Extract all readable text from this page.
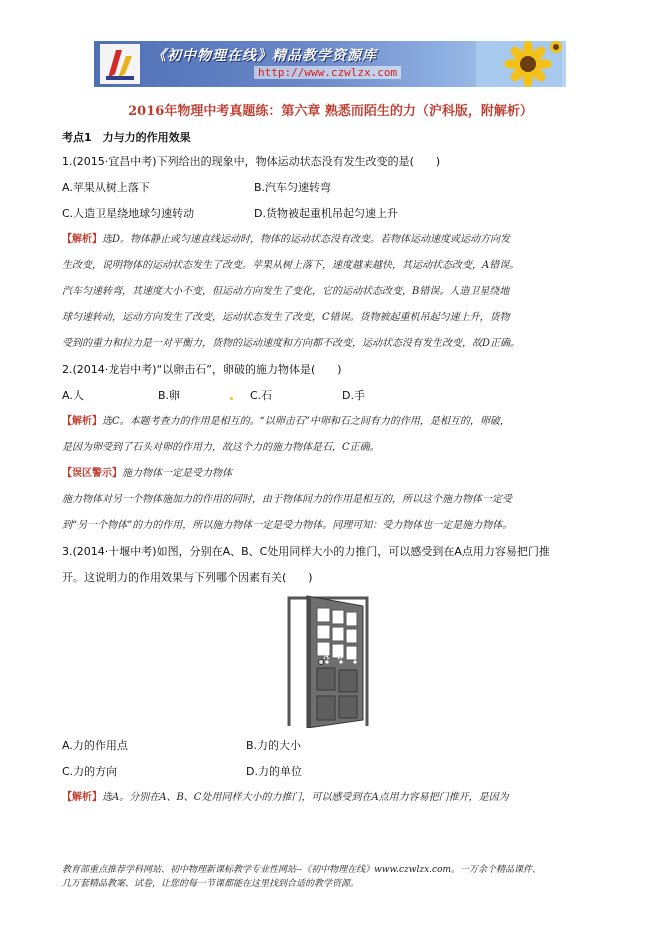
《初中物理在线》精品教学资源库
http://www.czwlzx.com
2016年物理中考真题练：第六章 熟悉而陌生的力（沪科版，附解析）
考点1　力与力的作用效果
1.(2015·宜昌中考)下列给出的现象中，物体运动状态没有发生改变的是(　　)
A.苹果从树上落下	B.汽车匀速转弯
C.人造卫星绕地球匀速转动	D.货物被起重机吊起匀速上升
【解析】选D。物体静止或匀速直线运动时，物体的运动状态没有改变。若物体运动速度或运动方向发
生改变，说明物体的运动状态发生了改变。苹果从树上落下，速度越来越快，其运动状态改变，A错误。
汽车匀速转弯，其速度大小不变，但运动方向发生了变化，它的运动状态改变，B错误。人造卫星绕地
球匀速转动，运动方向发生了改变，运动状态发生了改变，C错误。货物被起重机吊起匀速上升，货物
受到的重力和拉力是一对平衡力，货物的运动速度和方向都不改变，运动状态没有发生改变，故D正确。
2.(2014·龙岩中考)“以卵击石”，卵破的施力物体是(　　)
A.人	B.卵	C.石	D.手
【解析】选C。本题考查力的作用是相互的。“以卵击石”中卵和石之间有力的作用，是相互的，卵破，
是因为卵受到了石头对卵的作用力，故这个力的施力物体是石，C正确。
【误区警示】施力物体一定是受力物体
施力物体对另一个物体施加力的作用的同时，由于物体间力的作用是相互的，所以这个施力物体一定受
到“另一个物体”的力的作用，所以施力物体一定是受力物体。同理可知：受力物体也一定是施力物体。
3.(2014·十堰中考)如图，分别在A、B、C处用同样大小的力推门，可以感受到在A点用力容易把门推
开。这说明力的作用效果与下列哪个因素有关(　　)
A B C
A.力的作用点	B.力的大小
C.力的方向	D.力的单位
【解析】选A。分别在A、B、C处用同样大小的力推门，可以感受到在A点用力容易把门推开，是因为
教育部重点推荐学科网站、初中物理新课标教学专业性网站--《初中物理在线》www.czwlzx.com。一万余个精品课件、
几万套精品教案、试卷，让您的每一节课都能在这里找到合适的教学资源。
